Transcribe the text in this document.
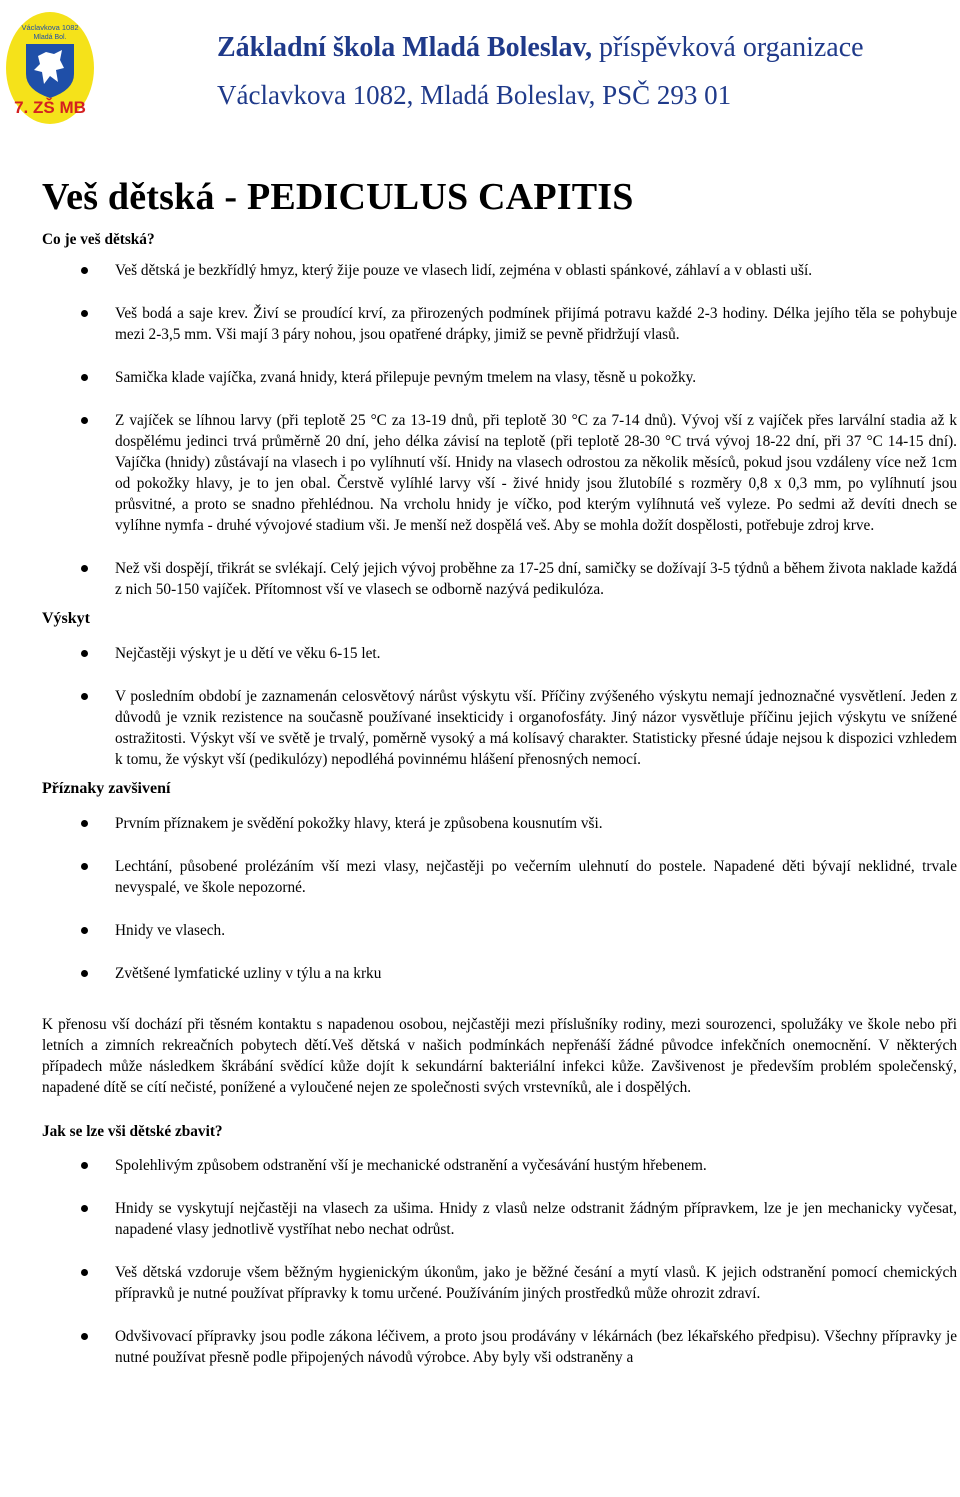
Václavkova 1082
Mladá Bol.
7. ZŠ MB
Základní škola Mladá Boleslav, příspěvková organizace
Václavkova 1082, Mladá Boleslav, PSČ 293 01
Veš dětská - PEDICULUS CAPITIS

Co je veš dětská?

Veš dětská je bezkřídlý hmyz, který žije pouze ve vlasech lidí, zejména v oblasti spánkové, záhlaví a v oblasti uší.
Veš bodá a saje krev. Živí se proudící krví, za přirozených podmínek přijímá potravu každé 2-3 hodiny. Délka jejího těla se pohybuje mezi 2-3,5 mm. Vši mají 3 páry nohou, jsou opatřené drápky, jimiž se pevně přidržují vlasů.
Samička klade vajíčka, zvaná hnidy, která přilepuje pevným tmelem na vlasy, těsně u pokožky.
Z vajíček se líhnou larvy (při teplotě 25 °C za 13-19 dnů, při teplotě 30 °C za 7-14 dnů). Vývoj vší z vajíček přes larvální stadia až k dospělému jedinci trvá průměrně 20 dní, jeho délka závisí na teplotě (při teplotě 28-30 °C trvá vývoj 18-22 dní, při 37 °C 14-15 dní). Vajíčka (hnidy) zůstávají na vlasech i po vylíhnutí vší. Hnidy na vlasech odrostou za několik měsíců, pokud jsou vzdáleny více než 1cm od pokožky hlavy, je to jen obal. Čerstvě vylíhlé larvy vší - živé hnidy jsou žlutobílé s rozměry 0,8 x 0,3 mm, po vylíhnutí jsou průsvitné, a proto se snadno přehlédnou. Na vrcholu hnidy je víčko, pod kterým vylíhnutá veš vyleze. Po sedmi až devíti dnech se vylíhne nymfa - druhé vývojové stadium vši. Je menší než dospělá veš. Aby se mohla dožít dospělosti, potřebuje zdroj krve.
Než vši dospějí, třikrát se svlékají. Celý jejich vývoj proběhne za 17-25 dní, samičky se dožívají 3-5 týdnů a během života naklade každá z nich 50-150 vajíček. Přítomnost vší ve vlasech se odborně nazývá pedikulóza.

Výskyt

Nejčastěji výskyt je u dětí ve věku 6-15 let.
V posledním období je zaznamenán celosvětový nárůst výskytu vší. Příčiny zvýšeného výskytu nemají jednoznačné vysvětlení. Jeden z důvodů je vznik rezistence na současně používané insekticidy i organofosfáty. Jiný názor vysvětluje příčinu jejich výskytu ve snížené ostražitosti. Výskyt vší ve světě je trvalý, poměrně vysoký a má kolísavý charakter. Statisticky přesné údaje nejsou k dispozici vzhledem k tomu, že výskyt vší (pedikulózy) nepodléhá povinnému hlášení přenosných nemocí.

Příznaky zavšivení

Prvním příznakem je svědění pokožky hlavy, která je způsobena kousnutím vši.
Lechtání, působené prolézáním vší mezi vlasy, nejčastěji po večerním ulehnutí do postele. Napadené děti bývají neklidné, trvale nevyspalé, ve škole nepozorné.
Hnidy ve vlasech.
Zvětšené lymfatické uzliny v týlu a na krku

K přenosu vší dochází při těsném kontaktu s napadenou osobou, nejčastěji mezi příslušníky rodiny, mezi sourozenci, spolužáky ve škole nebo při letních a zimních rekreačních pobytech dětí.Veš dětská v našich podmínkách nepřenáší žádné původce infekčních onemocnění. V některých případech může následkem škrábání svědící kůže dojít k sekundární bakteriální infekci kůže. Zavšivenost je především problém společenský, napadené dítě se cítí nečisté, ponížené a vyloučené nejen ze společnosti svých vrstevníků, ale i dospělých.

Jak se lze vši dětské zbavit?

Spolehlivým způsobem odstranění vší je mechanické odstranění a vyčesávání hustým hřebenem.
Hnidy se vyskytují nejčastěji na vlasech za ušima. Hnidy z vlasů nelze odstranit žádným přípravkem, lze je jen mechanicky vyčesat, napadené vlasy jednotlivě vystříhat nebo nechat odrůst.
Veš dětská vzdoruje všem běžným hygienickým úkonům, jako je běžné česání a mytí vlasů. K jejich odstranění pomocí chemických přípravků je nutné používat přípravky k tomu určené. Používáním jiných prostředků může ohrozit zdraví.
Odvšivovací přípravky jsou podle zákona léčivem, a proto jsou prodávány v lékárnách (bez lékařského předpisu). Všechny přípravky je nutné používat přesně podle připojených návodů výrobce. Aby byly vši odstraněny a
